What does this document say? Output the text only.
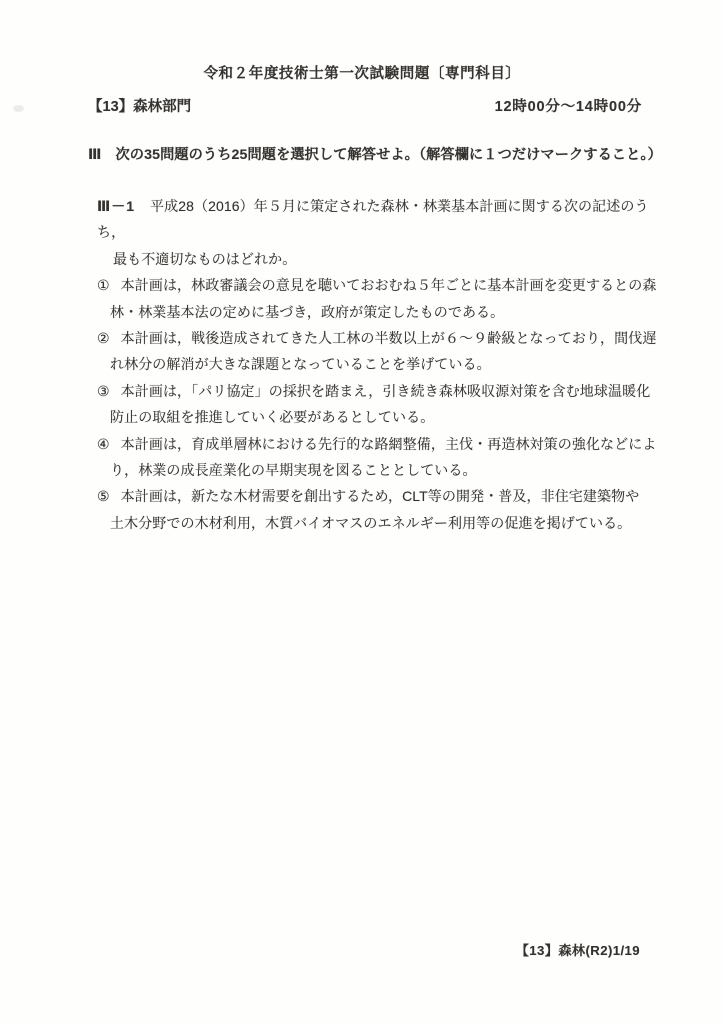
令和２年度技術士第一次試験問題〔専門科目〕
【13】森林部門	12時00分～14時00分
Ⅲ 次の35問題のうち25問題を選択して解答せよ。（解答欄に１つだけマークすること。）
Ⅲ－1 平成28（2016）年５月に策定された森林・林業基本計画に関する次の記述のうち，
最も不適切なものはどれか。
① 本計画は，林政審議会の意見を聴いておおむね５年ごとに基本計画を変更するとの森
林・林業基本法の定めに基づき，政府が策定したものである。
② 本計画は，戦後造成されてきた人工林の半数以上が６～９齢級となっており，間伐遅
れ林分の解消が大きな課題となっていることを挙げている。
③ 本計画は，「パリ協定」の採択を踏まえ，引き続き森林吸収源対策を含む地球温暖化
防止の取組を推進していく必要があるとしている。
④ 本計画は，育成単層林における先行的な路網整備，主伐・再造林対策の強化などによ
り，林業の成長産業化の早期実現を図ることとしている。
⑤ 本計画は，新たな木材需要を創出するため，CLT等の開発・普及，非住宅建築物や
土木分野での木材利用，木質バイオマスのエネルギー利用等の促進を掲げている。
【13】森林(R2)1/19
